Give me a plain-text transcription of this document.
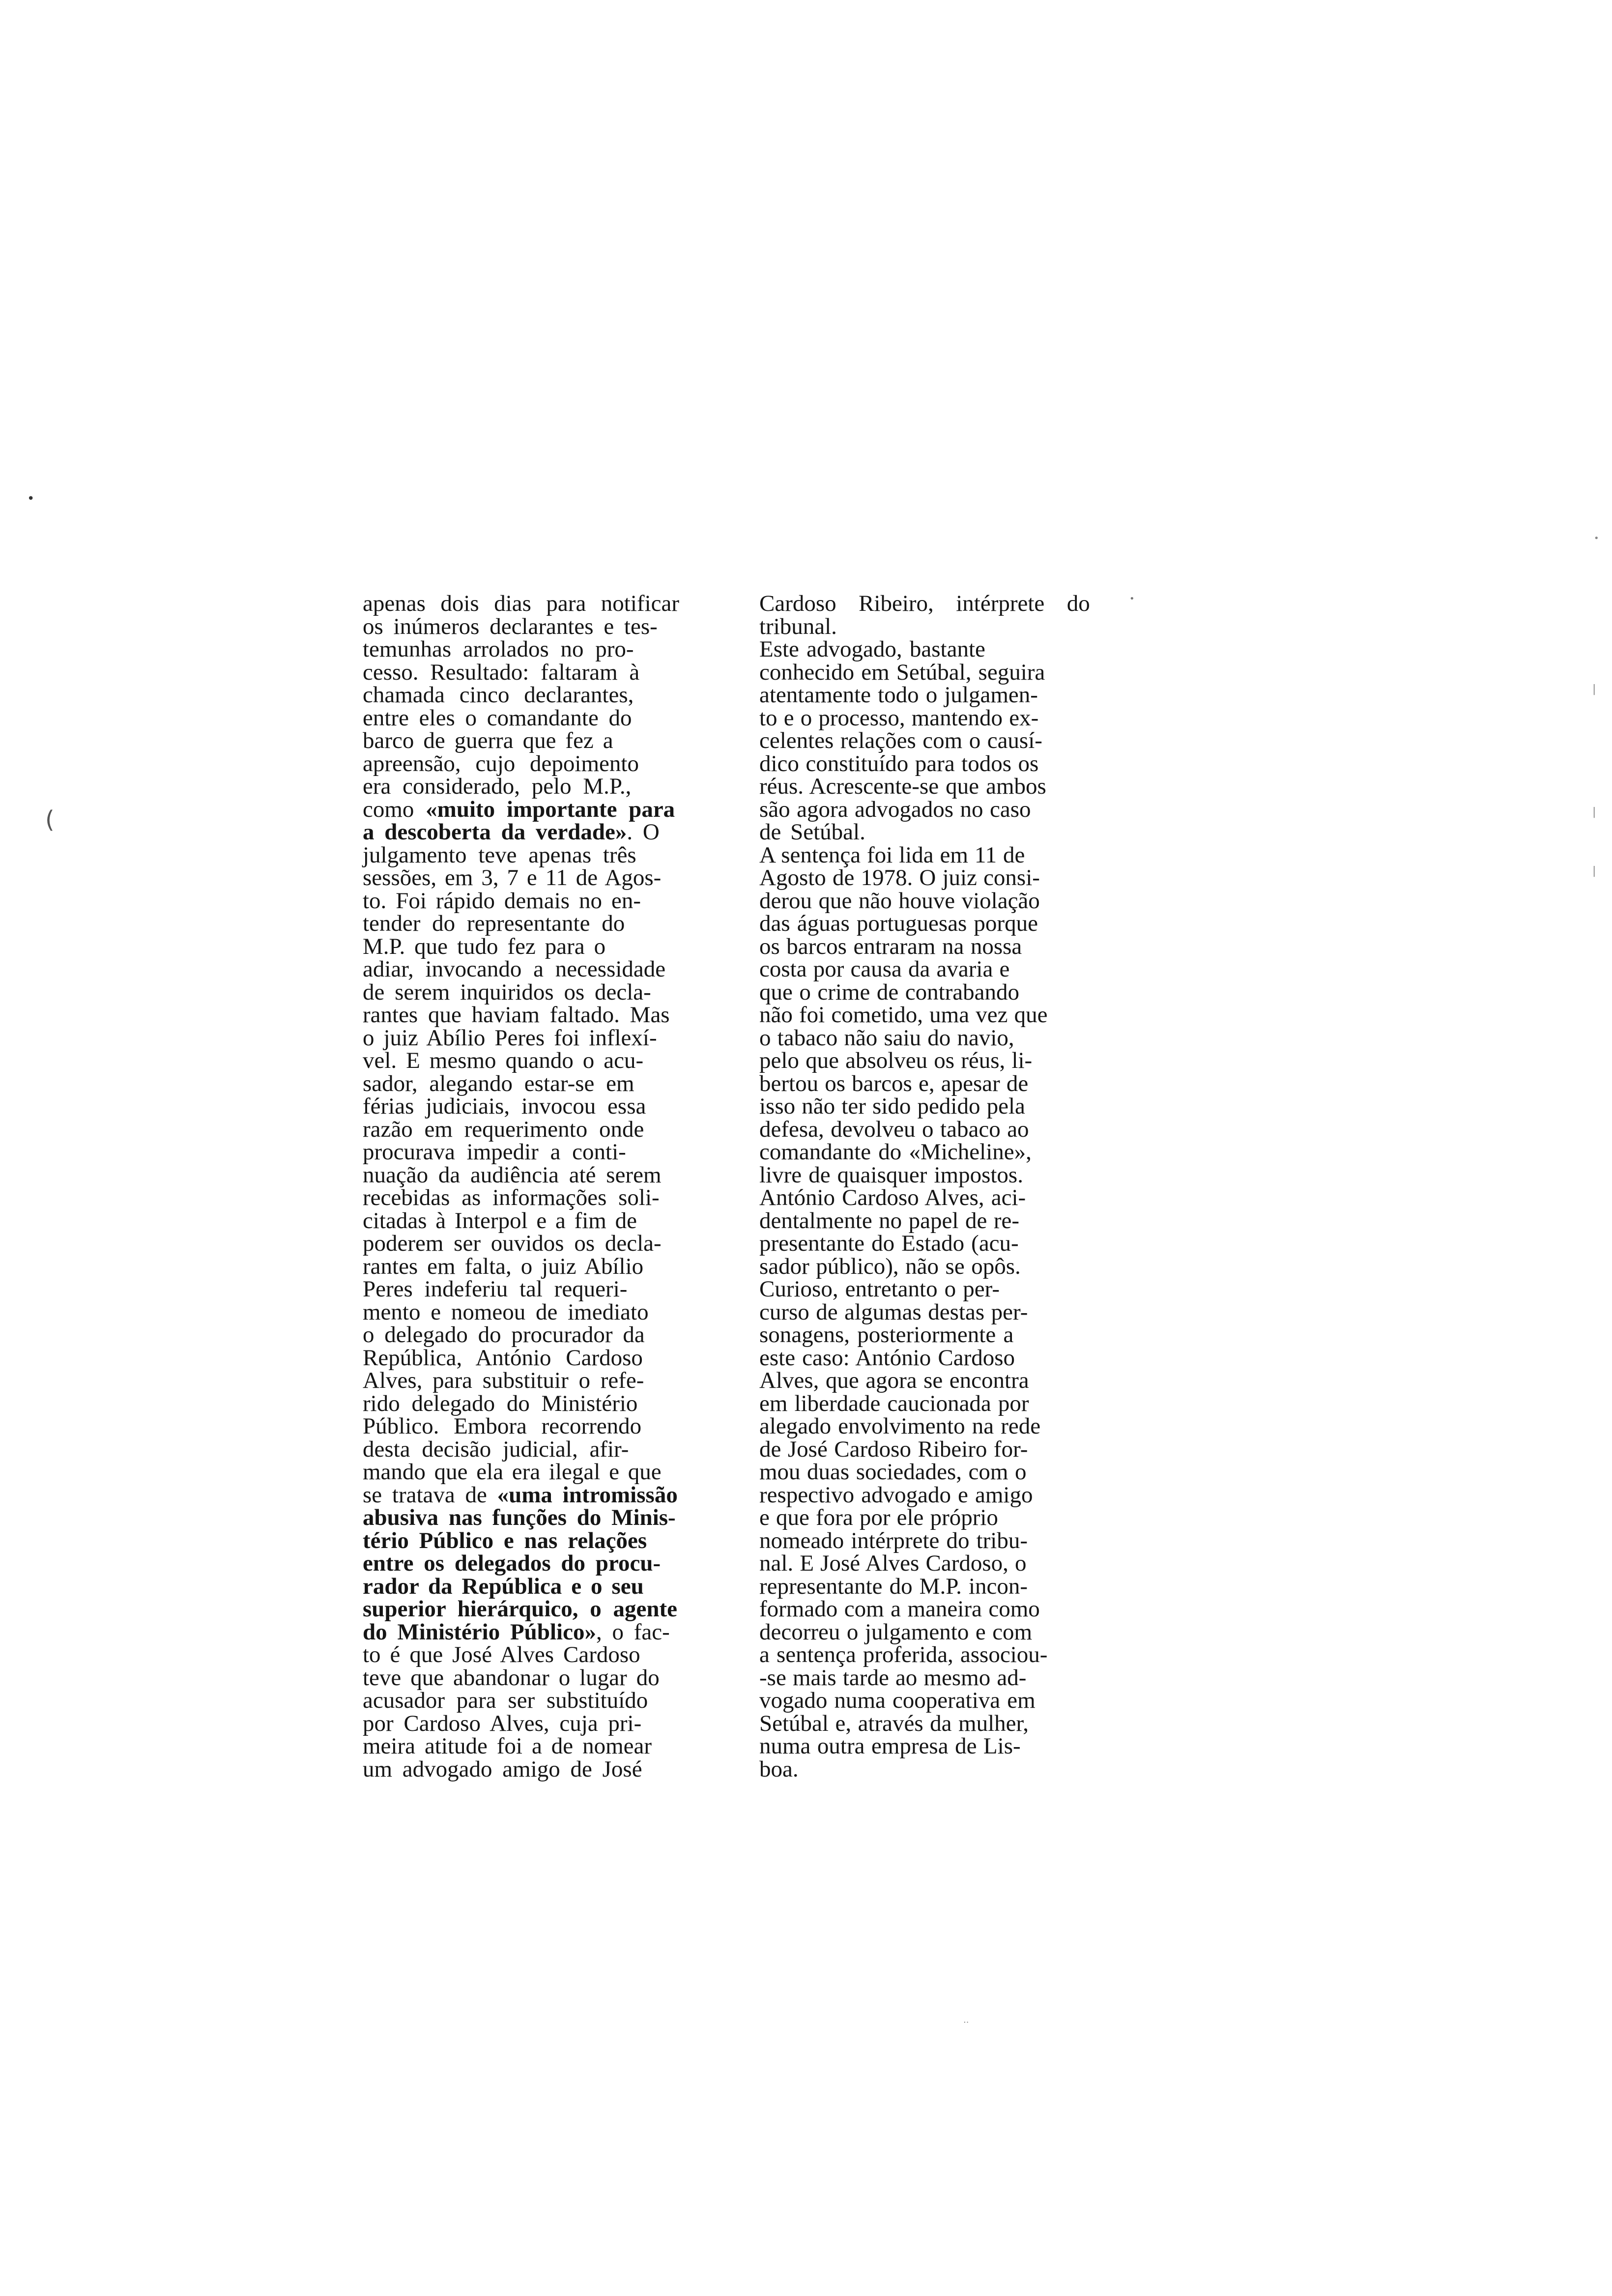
apenas dois dias para notificar
os inúmeros declarantes e tes-
temunhas arrolados no pro-
cesso. Resultado: faltaram à
chamada cinco declarantes,
entre eles o comandante do
barco de guerra que fez a
apreensão, cujo depoimento
era considerado, pelo M.P.,
como «muito importante para
a descoberta da verdade». O
julgamento teve apenas três
sessões, em 3, 7 e 11 de Agos-
to. Foi rápido demais no en-
tender do representante do
M.P. que tudo fez para o
adiar, invocando a necessidade
de serem inquiridos os decla-
rantes que haviam faltado. Mas
o juiz Abílio Peres foi inflexí-
vel. E mesmo quando o acu-
sador, alegando estar-se em
férias judiciais, invocou essa
razão em requerimento onde
procurava impedir a conti-
nuação da audiência até serem
recebidas as informações soli-
citadas à Interpol e a fim de
poderem ser ouvidos os decla-
rantes em falta, o juiz Abílio
Peres indeferiu tal requeri-
mento e nomeou de imediato
o delegado do procurador da
República, António Cardoso
Alves, para substituir o refe-
rido delegado do Ministério
Público. Embora recorrendo
desta decisão judicial, afir-
mando que ela era ilegal e que
se tratava de «uma intromissão
abusiva nas funções do Minis-
tério Público e nas relações
entre os delegados do procu-
rador da República e o seu
superior hierárquico, o agente
do Ministério Público», o fac-
to é que José Alves Cardoso
teve que abandonar o lugar do
acusador para ser substituído
por Cardoso Alves, cuja pri-
meira atitude foi a de nomear
um advogado amigo de José
Cardoso Ribeiro, intérprete do
tribunal.
Este advogado, bastante
conhecido em Setúbal, seguira
atentamente todo o julgamen-
to e o processo, mantendo ex-
celentes relações com o causí-
dico constituído para todos os
réus. Acrescente-se que ambos
são agora advogados no caso
de Setúbal.
A sentença foi lida em 11 de
Agosto de 1978. O juiz consi-
derou que não houve violação
das águas portuguesas porque
os barcos entraram na nossa
costa por causa da avaria e
que o crime de contrabando
não foi cometido, uma vez que
o tabaco não saiu do navio,
pelo que absolveu os réus, li-
bertou os barcos e, apesar de
isso não ter sido pedido pela
defesa, devolveu o tabaco ao
comandante do «Micheline»,
livre de quaisquer impostos.
António Cardoso Alves, aci-
dentalmente no papel de re-
presentante do Estado (acu-
sador público), não se opôs.
Curioso, entretanto o per-
curso de algumas destas per-
sonagens, posteriormente a
este caso: António Cardoso
Alves, que agora se encontra
em liberdade caucionada por
alegado envolvimento na rede
de José Cardoso Ribeiro for-
mou duas sociedades, com o
respectivo advogado e amigo
e que fora por ele próprio
nomeado intérprete do tribu-
nal. E José Alves Cardoso, o
representante do M.P. incon-
formado com a maneira como
decorreu o julgamento e com
a sentença proferida, associou-
-se mais tarde ao mesmo ad-
vogado numa cooperativa em
Setúbal e, através da mulher,
numa outra empresa de Lis-
boa.
•
(
•
•
|
|
|
..
